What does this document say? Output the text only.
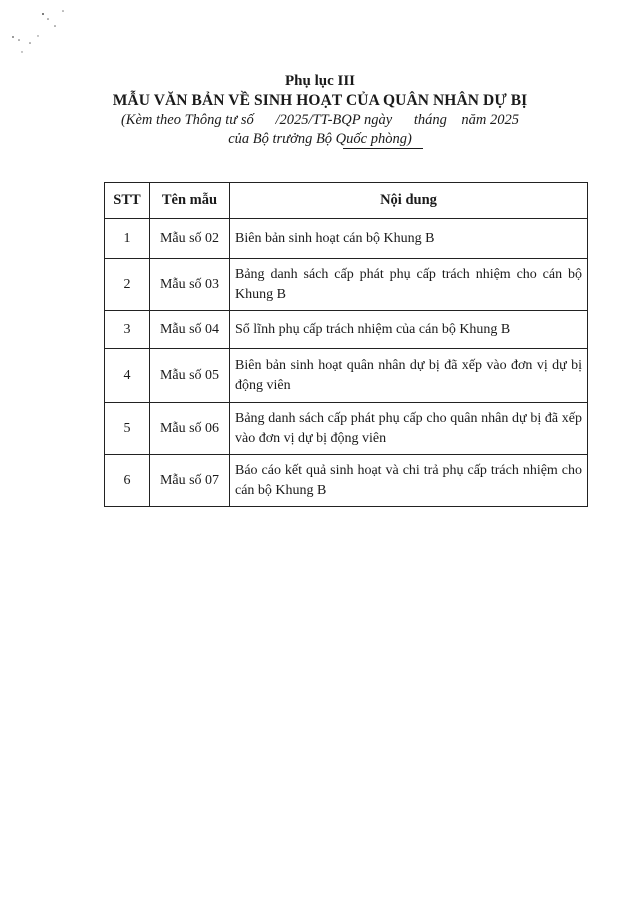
Phụ lục III
MẪU VĂN BẢN VỀ SINH HOẠT CỦA QUÂN NHÂN DỰ BỊ
(Kèm theo Thông tư số      /2025/TT-BQP ngày      tháng    năm 2025
của Bộ trưởng Bộ Quốc phòng)
STT	Tên mẫu	Nội dung
1	Mẫu số 02	Biên bản sinh hoạt cán bộ Khung B
2	Mẫu số 03	Bảng danh sách cấp phát phụ cấp trách nhiệm cho cán bộ Khung B
3	Mẫu số 04	Sổ lĩnh phụ cấp trách nhiệm của cán bộ Khung B
4	Mẫu số 05	Biên bản sinh hoạt quân nhân dự bị đã xếp vào đơn vị dự bị động viên
5	Mẫu số 06	Bảng danh sách cấp phát phụ cấp cho quân nhân dự bị đã xếp vào đơn vị dự bị động viên
6	Mẫu số 07	Báo cáo kết quả sinh hoạt và chi trả phụ cấp trách nhiệm cho cán bộ Khung B
